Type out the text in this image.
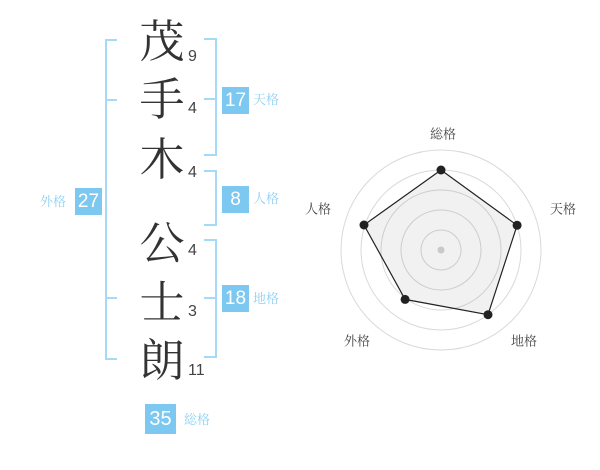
茂
手
木
公
士
朗
9
4
4
4
3
11
17
8
18
27
35
天格
人格
地格
外格
総格
総格
天格
地格
外格
人格
